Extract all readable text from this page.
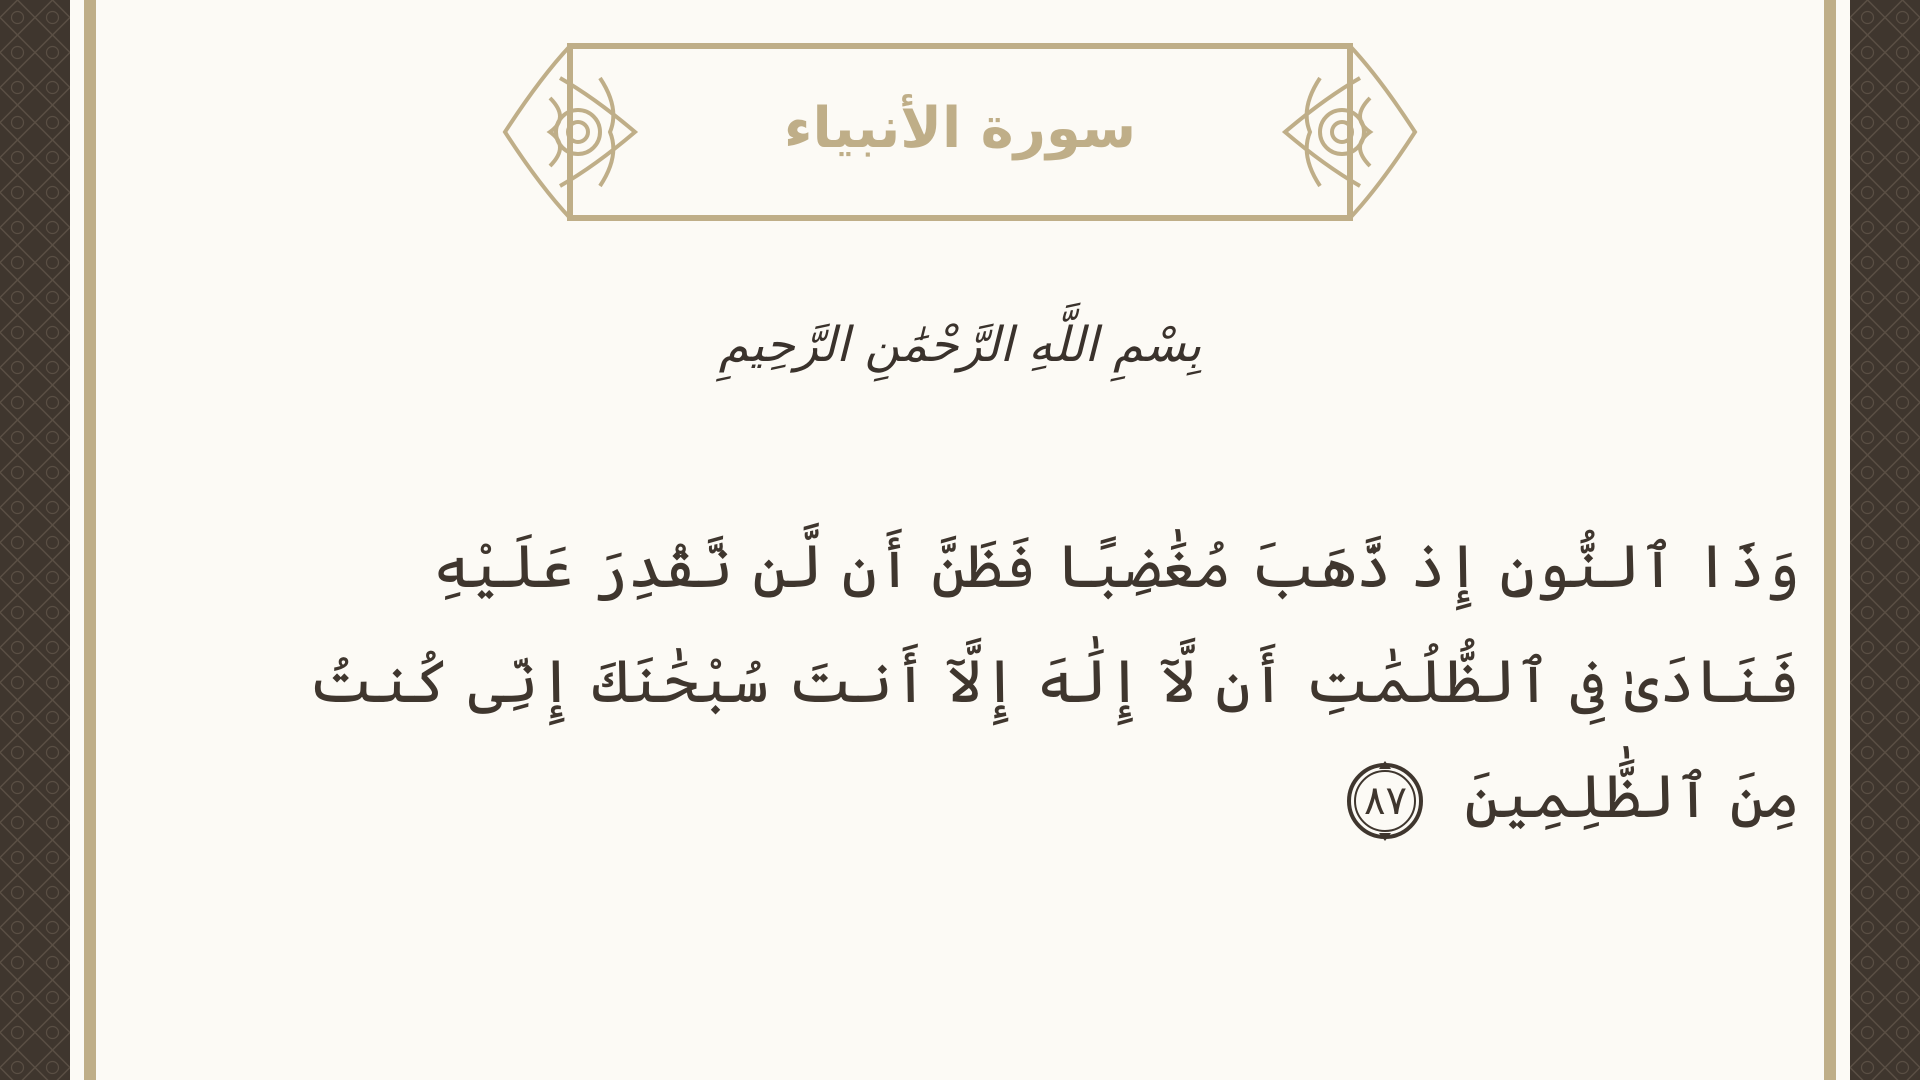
سورة الأنبياء
بِسْمِ اللَّهِ الرَّحْمَٰنِ الرَّحِيمِ
وَذَا ٱلنُّونِ إِذ ذَّهَبَ مُغَٰضِبًا فَظَنَّ أَن لَّن نَّقْدِرَ عَلَيْهِ فَنَادَىٰ فِى ٱلظُّلُمَٰتِ أَن لَّآ إِلَٰهَ إِلَّآ أَنتَ سُبْحَٰنَكَ إِنِّى كُنتُ مِنَ ٱلظَّٰلِمِينَ
٨٧
